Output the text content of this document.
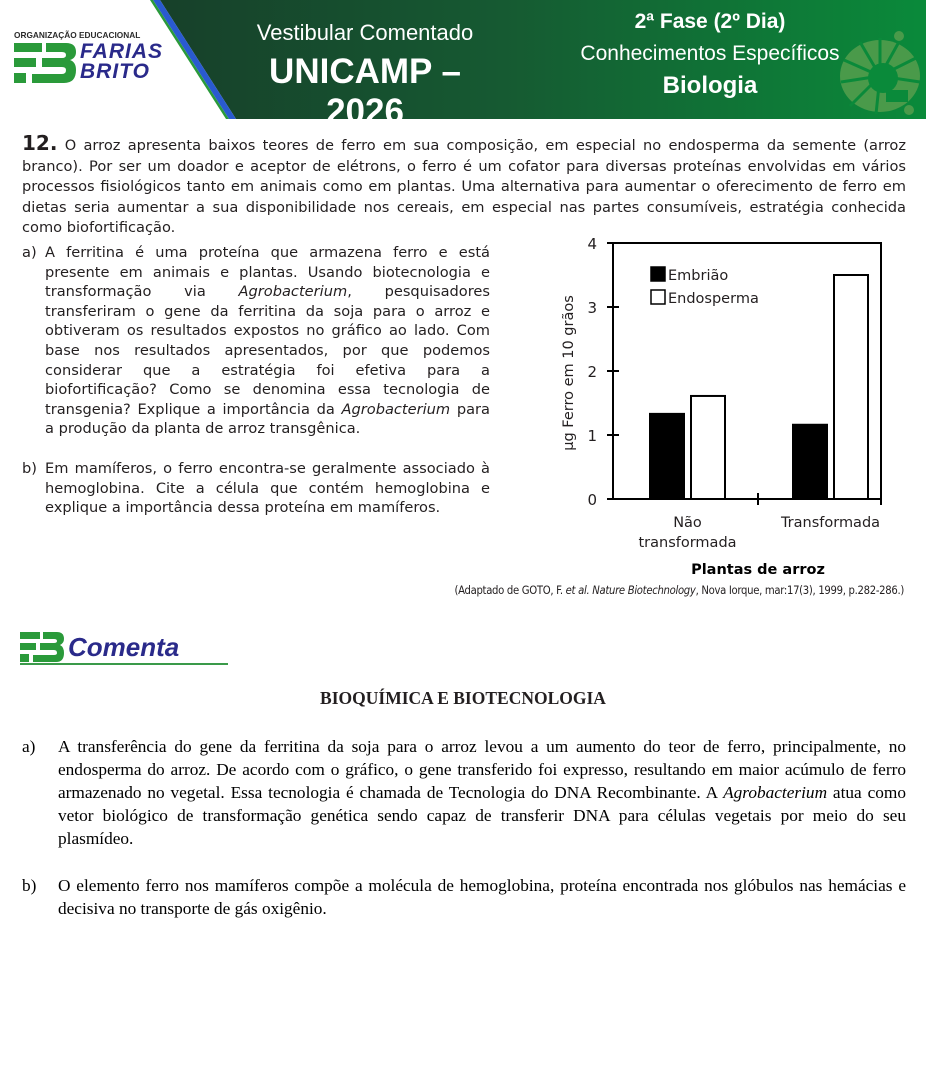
ORGANIZAÇÃO EDUCACIONAL
FARIAS
BRITO
Vestibular Comentado
UNICAMP – 2026
2ª Fase (2º Dia)
Conhecimentos Específicos
Biologia
12. O arroz apresenta baixos teores de ferro em sua composição, em especial no endosperma da semente (arroz branco). Por ser um doador e aceptor de elétrons, o ferro é um cofator para diversas proteínas envolvidas em vários processos fisiológicos tanto em animais como em plantas. Uma alternativa para aumentar o oferecimento de ferro em dietas seria aumentar a sua disponibilidade nos cereais, em especial nas partes consumíveis, estratégia conhecida como biofortificação.
a) A ferritina é uma proteína que armazena ferro e está presente em animais e plantas. Usando biotecnologia e transformação via Agrobacterium, pesquisadores transferiram o gene da ferritina da soja para o arroz e obtiveram os resultados expostos no gráfico ao lado. Com base nos resultados apresentados, por que podemos considerar que a estratégia foi efetiva para a biofortificação? Como se denomina essa tecnologia de transgenia? Explique a importância da Agrobacterium para a produção da planta de arroz transgênica.
b) Em mamíferos, o ferro encontra-se geralmente associado à hemoglobina. Cite a célula que contém hemoglobina e explique a importância dessa proteína em mamíferos.	0
1
2
3
4
Não
transformada
Transformada
Plantas de arroz
µg Ferro em 10 grãos
Embrião
Endosperma
(Adaptado de GOTO, F. et al. Nature Biotechnology, Nova Iorque, mar:17(3), 1999, p.282-286.)
Comenta
BIOQUÍMICA E BIOTECNOLOGIA
a)	A transferência do gene da ferritina da soja para o arroz levou a um aumento do teor de ferro, principalmente, no endosperma do arroz. De acordo com o gráfico, o gene transferido foi expresso, resultando em maior acúmulo de ferro armazenado no vegetal. Essa tecnologia é chamada de Tecnologia do DNA Recombinante. A Agrobacterium atua como vetor biológico de transformação genética sendo capaz de transferir DNA para células vegetais por meio do seu plasmídeo.
b)	O elemento ferro nos mamíferos compõe a molécula de hemoglobina, proteína encontrada nos glóbulos nas hemácias e decisiva no transporte de gás oxigênio.
